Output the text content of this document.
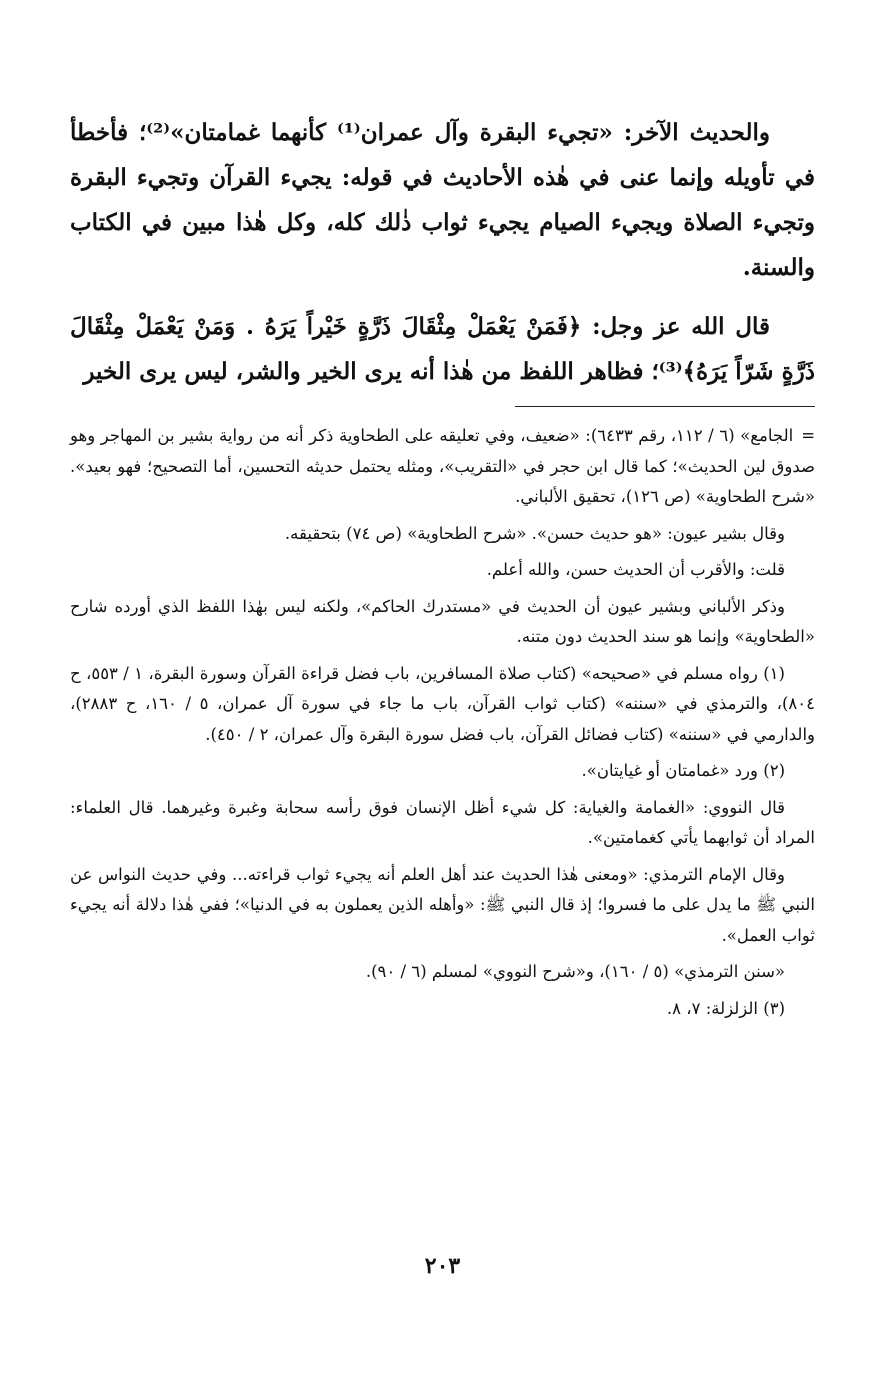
والحديث الآخر: «تجيء البقرة وآل عمران⁽¹⁾ كأنهما غمامتان»⁽²⁾؛ فأخطأ في تأويله وإنما عنى في هٰذه الأحاديث في قوله: يجيء القرآن وتجيء البقرة وتجيء الصلاة ويجيء الصيام يجيء ثواب ذٰلك كله، وكل هٰذا مبين في الكتاب والسنة.

قال الله عز وجل: ﴿فَمَنْ يَعْمَلْ مِثْقَالَ ذَرَّةٍ خَيْراً يَرَهُ . وَمَنْ يَعْمَلْ مِثْقَالَ ذَرَّةٍ شَرّاً يَرَهُ﴾⁽³⁾؛ فظاهر اللفظ من هٰذا أنه يرى الخير والشر، ليس يرى الخير

=الجامع» (٦ / ١١٢، رقم ٦٤٣٣): «ضعيف، وفي تعليقه على الطحاوية ذكر أنه من رواية بشير بن المهاجر وهو صدوق لين الحديث»؛ كما قال ابن حجر في «التقريب»، ومثله يحتمل حديثه التحسين، أما التصحيح؛ فهو بعيد». «شرح الطحاوية» (ص ١٢٦)، تحقيق الألباني.

وقال بشير عيون: «هو حديث حسن». «شرح الطحاوية» (ص ٧٤) بتحقيقه.

قلت: والأقرب أن الحديث حسن، والله أعلم.

وذكر الألباني وبشير عيون أن الحديث في «مستدرك الحاكم»، ولكنه ليس بهٰذا اللفظ الذي أورده شارح «الطحاوية» وإنما هو سند الحديث دون متنه.

(١) رواه مسلم في «صحيحه» (كتاب صلاة المسافرين، باب فضل قراءة القرآن وسورة البقرة، ١ / ٥٥٣، ح ٨٠٤)، والترمذي في «سننه» (كتاب ثواب القرآن، باب ما جاء في سورة آل عمران، ٥ / ١٦٠، ح ٢٨٨٣)، والدارمي في «سننه» (كتاب فضائل القرآن، باب فضل سورة البقرة وآل عمران، ٢ / ٤٥٠).

(٢) ورد «غمامتان أو غيايتان».

قال النووي: «الغمامة والغياية: كل شيء أظل الإنسان فوق رأسه سحابة وغبرة وغيرهما. قال العلماء: المراد أن ثوابهما يأتي كغمامتين».

وقال الإمام الترمذي: «ومعنى هٰذا الحديث عند أهل العلم أنه يجيء ثواب قراءته... وفي حديث النواس عن النبي ﷺ ما يدل على ما فسروا؛ إذ قال النبي ﷺ: «وأهله الذين يعملون به في الدنيا»؛ ففي هٰذا دلالة أنه يجيء ثواب العمل».

«سنن الترمذي» (٥ / ١٦٠)، و«شرح النووي» لمسلم (٦ / ٩٠).

(٣) الزلزلة: ٧، ٨.

٢٠٣
